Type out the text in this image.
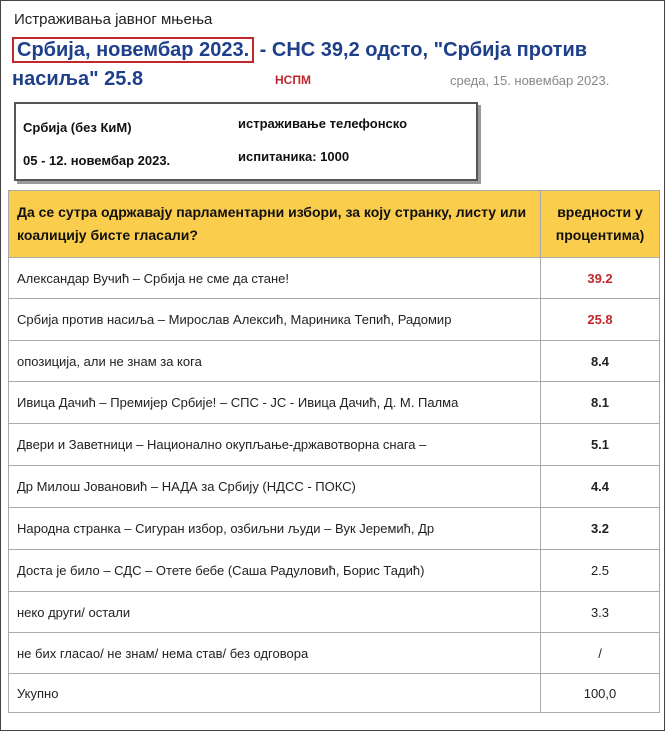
Истраживања јавног мњења
Србија, новембар 2023. - СНС 39,2 одсто, "Србија против насиља" 25.8	НСПМ	среда, 15. новембар 2023.
Србија (без КиМ)
05 - 12. новембар 2023.
истраживање телефонско
испитаника: 1000
Да се сутра одржавају парламентарни избори, за коју странку, листу или коалицију бисте гласали?	вредности у процентима)
Александар Вучић – Србија не сме да стане!	39.2
Србија против насиља – Мирослав Алексић, Мариника Тепић, Радомир	25.8
опозиција, али не знам за кога	8.4
Ивица Дачић – Премијер Србије! – СПС - ЈС - Ивица Дачић, Д. М. Палма	8.1
Двери и Заветници – Национално окупљање-државотворна снага –	5.1
Др Милош Јовановић – НАДА за Србију (НДСС - ПОКС)	4.4
Народна странка – Сигуран избор, озбиљни људи – Вук Јеремић, Др	3.2
Доста је било – СДС – Отете бебе (Саша Радуловић, Борис Тадић)	2.5
неко други/ остали	3.3
не бих гласао/ не знам/ нема став/ без одговора	/
Укупно	100,0
